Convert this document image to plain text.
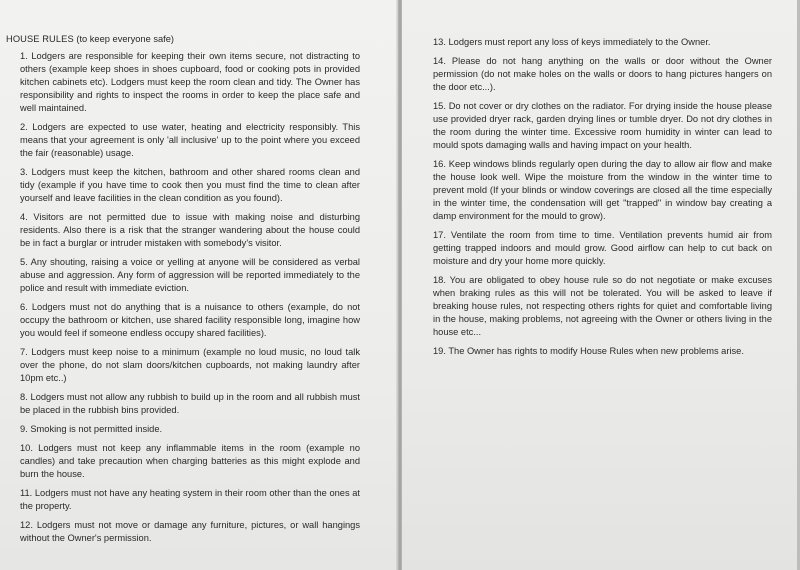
HOUSE RULES (to keep everyone safe)
1. Lodgers are responsible for keeping their own items secure, not distracting to others (example keep shoes in shoes cupboard, food or cooking pots in provided kitchen cabinets etc). Lodgers must keep the room clean and tidy. The Owner has responsibility and rights to inspect the rooms in order to keep the place safe and well maintained.
2. Lodgers are expected to use water, heating and electricity responsibly. This means that your agreement is only 'all inclusive' up to the point where you exceed the fair (reasonable) usage.
3. Lodgers must keep the kitchen, bathroom and other shared rooms clean and tidy (example if you have time to cook then you must find the time to clean after yourself and leave facilities in the clean condition as you found).
4. Visitors are not permitted due to issue with making noise and disturbing residents. Also there is a risk that the stranger wandering about the house could be in fact a burglar or intruder mistaken with somebody's visitor.
5. Any shouting, raising a voice or yelling at anyone will be considered as verbal abuse and aggression. Any form of aggression will be reported immediately to the police and result with immediate eviction.
6. Lodgers must not do anything that is a nuisance to others (example, do not occupy the bathroom or kitchen, use shared facility responsible long, imagine how you would feel if someone endless occupy shared facilities).
7. Lodgers must keep noise to a minimum (example no loud music, no loud talk over the phone, do not slam doors/kitchen cupboards, not making laundry after 10pm etc..)
8. Lodgers must not allow any rubbish to build up in the room and all rubbish must be placed in the rubbish bins provided.
9. Smoking is not permitted inside.
10. Lodgers must not keep any inflammable items in the room (example no candles) and take precaution when charging batteries as this might explode and burn the house.
11. Lodgers must not have any heating system in their room other than the ones at the property.
12. Lodgers must not move or damage any furniture, pictures, or wall hangings without the Owner's permission.
13. Lodgers must report any loss of keys immediately to the Owner.
14. Please do not hang anything on the walls or door without the Owner permission (do not make holes on the walls or doors to hang pictures hangers on the door etc...).
15. Do not cover or dry clothes on the radiator. For drying inside the house please use provided dryer rack, garden drying lines or tumble dryer. Do not dry clothes in the room during the winter time. Excessive room humidity in winter can lead to mould spots damaging walls and having impact on your health.
16. Keep windows blinds regularly open during the day to allow air flow and make the house look well. Wipe the moisture from the window in the winter time to prevent mold (If your blinds or window coverings are closed all the time especially in the winter time, the condensation will get "trapped" in window bay creating a damp environment for the mould to grow).
17. Ventilate the room from time to time. Ventilation prevents humid air from getting trapped indoors and mould grow. Good airflow can help to cut back on moisture and dry your home more quickly.
18. You are obligated to obey house rule so do not negotiate or make excuses when braking rules as this will not be tolerated. You will be asked to leave if breaking house rules, not respecting others rights for quiet and comfortable living in the house, making problems, not agreeing with the Owner or others living in the house etc...
19. The Owner has rights to modify House Rules when new problems arise.
